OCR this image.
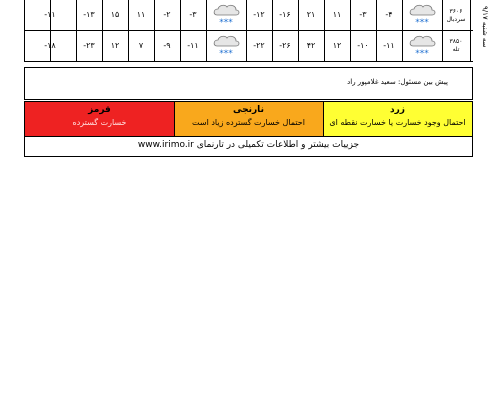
-۴
-۳
۱۱
۲۱
-۱۶
-۱۲
-۳
-۲
۱۱
۱۵
-۱۳
-۱۱
-۱۱
-۱۰
۱۲
۴۲
-۲۶
-۲۲
-۱۱
-۹
۷
۱۲
-۲۳
-۱۸
***
***
***
***
۳۶۰۶
سردبال
۳۸۵۰
تله
سه شنبه ۹/۱۷
پیش بین مسئول: سعید غلامپور راد
زرد
احتمال وجود خسارت یا خسارت نقطه ای
نارنجی
احتمال خسارت گسترده زیاد است
قرمز
خسارت گسترده
جزییات بیشتر و اطلاعات تکمیلی در تارنمای www.irimo.ir
